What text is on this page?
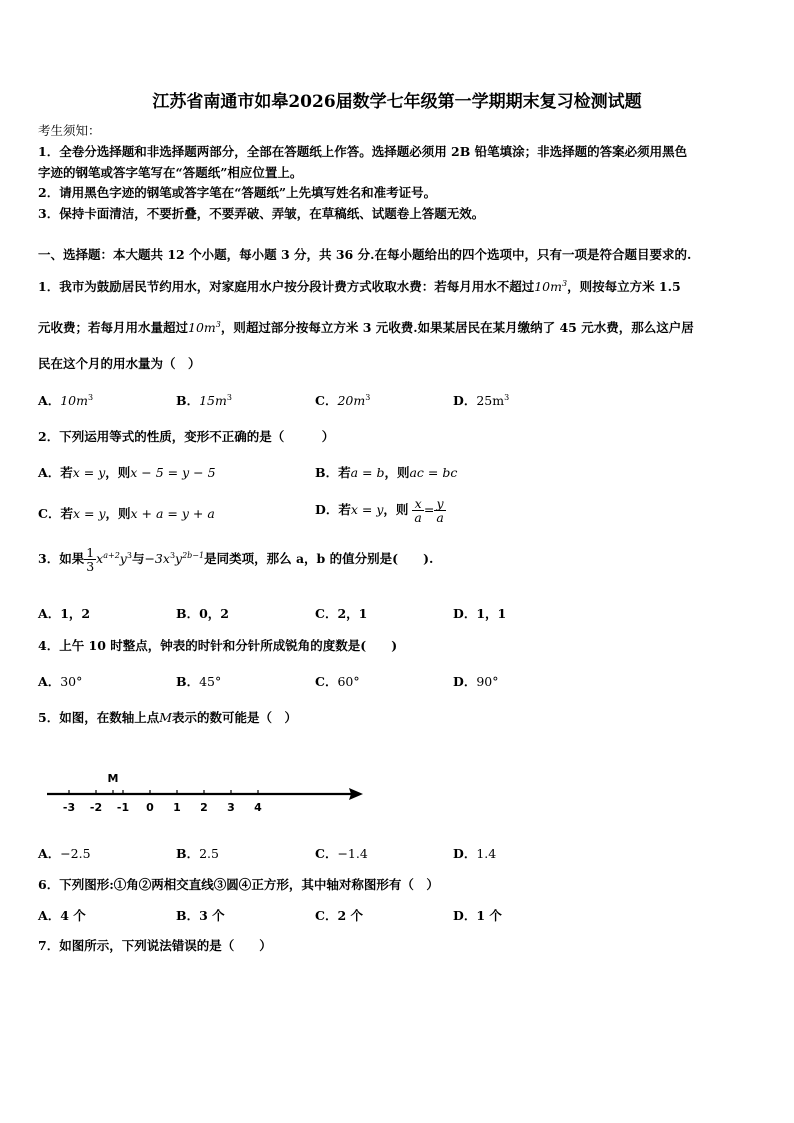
江苏省南通市如皋2026届数学七年级第一学期期末复习检测试题
考生须知：
1．全卷分选择题和非选择题两部分，全部在答题纸上作答。选择题必须用 2B 铅笔填涂；非选择题的答案必须用黑色
字迹的钢笔或答字笔写在“答题纸”相应位置上。
2．请用黑色字迹的钢笔或答字笔在“答题纸”上先填写姓名和准考证号。
3．保持卡面清洁，不要折叠，不要弄破、弄皱，在草稿纸、试题卷上答题无效。
一、选择题：本大题共 12 个小题，每小题 3 分，共 36 分.在每小题给出的四个选项中，只有一项是符合题目要求的.
1．我市为鼓励居民节约用水，对家庭用水户按分段计费方式收取水费：若每月用水不超过$10m^3$，则按每立方米 1.5
元收费；若每月用水量超过$10m^3$，则超过部分按每立方米 3 元收费.如果某居民在某月缴纳了 45 元水费，那么这户居
民在这个月的用水量为（　）
A．$10m^3$	B．$15m^3$	C．$20m^3$	D．$25m^3$
2．下列运用等式的性质，变形不正确的是（　　　）
A．若x = y，则x − 5 = y − 5	B．若a = b，则ac = bc
C．若x = y，则x + a = y + a	D．若x = y，则 $\frac{x}{a} = \frac{y}{a}$
3．如果 $\frac{1}{3} x^{a+2}y^3$与$-3x^3y^{2b-1}$是同类项，那么 a，b 的值分别是(　　).
A．1，2	B．0，2	C．2，1	D．1，1
4．上午 10 时整点，钟表的时针和分针所成锐角的度数是(　　)
A．30°	B．45°	C．60°	D．90°
5．如图，在数轴上点M表示的数可能是（　）
-3 -2 -1 0 1 2 3 4
M
A．−2.5	B．2.5	C．−1.4	D．1.4
6．下列图形:①角②两相交直线③圆④正方形，其中轴对称图形有（　）
A．4 个	B．3 个	C．2 个	D．1 个
7．如图所示，下列说法错误的是（　　）
